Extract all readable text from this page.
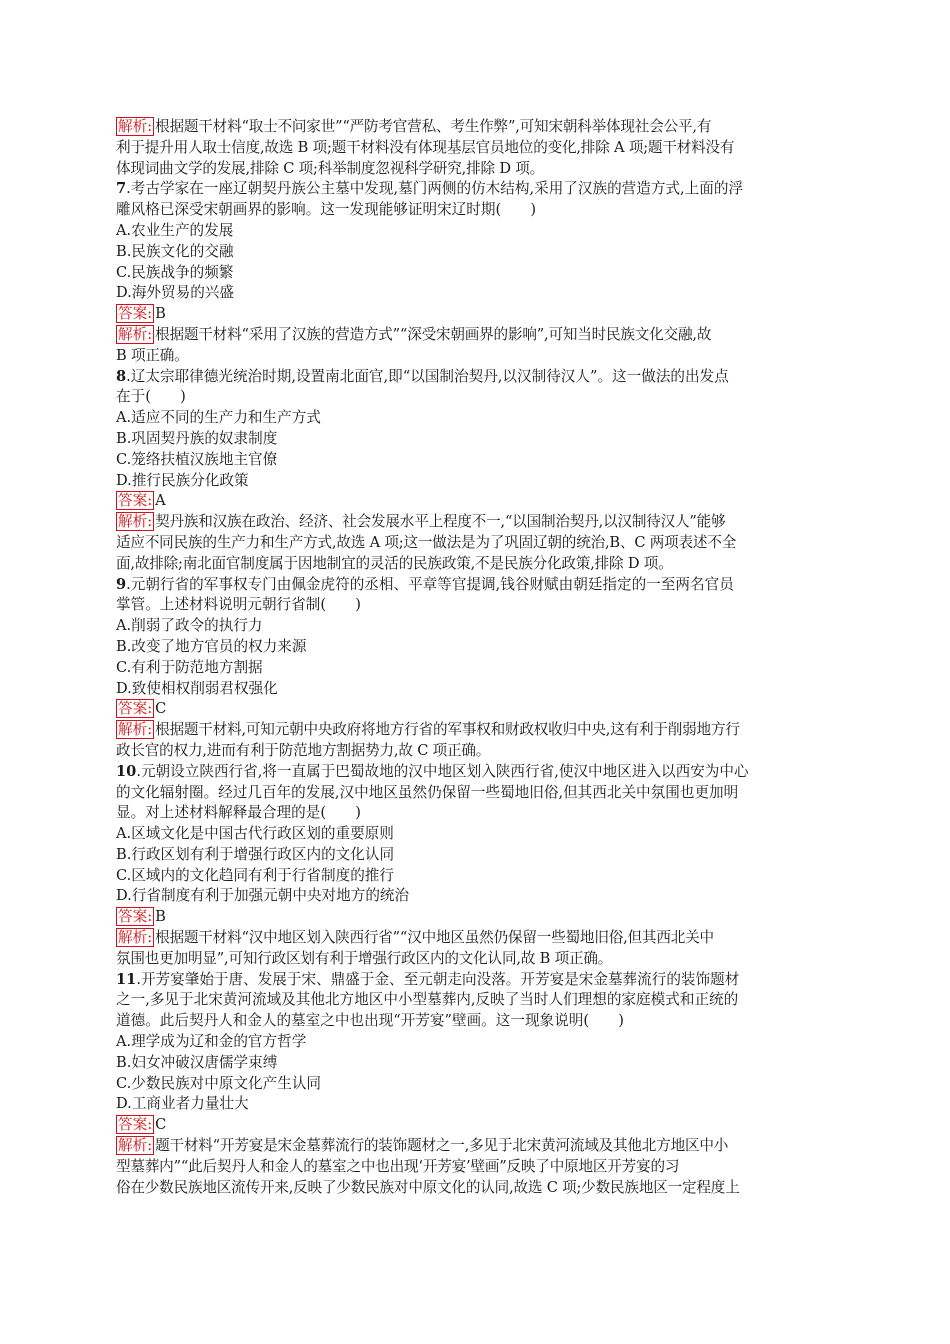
解析: 根据题干材料“取士不问家世”“严防考官营私、考生作弊”,可知宋朝科举体现社会公平,有
利于提升用人取士信度,故选 B 项;题干材料没有体现基层官员地位的变化,排除 A 项;题干材料没有
体现词曲文学的发展,排除 C 项;科举制度忽视科学研究,排除 D 项。
7.考古学家在一座辽朝契丹族公主墓中发现,墓门两侧的仿木结构,采用了汉族的营造方式,上面的浮
雕风格已深受宋朝画界的影响。这一发现能够证明宋辽时期(　　)
A.农业生产的发展
B.民族文化的交融
C.民族战争的频繁
D.海外贸易的兴盛
答案: B
解析: 根据题干材料“采用了汉族的营造方式”“深受宋朝画界的影响”,可知当时民族文化交融,故
B 项正确。
8.辽太宗耶律德光统治时期,设置南北面官,即“以国制治契丹,以汉制待汉人”。这一做法的出发点
在于(　　)
A.适应不同的生产力和生产方式
B.巩固契丹族的奴隶制度
C.笼络扶植汉族地主官僚
D.推行民族分化政策
答案: A
解析: 契丹族和汉族在政治、经济、社会发展水平上程度不一,“以国制治契丹,以汉制待汉人”能够
适应不同民族的生产力和生产方式,故选 A 项;这一做法是为了巩固辽朝的统治,B、C 两项表述不全
面,故排除;南北面官制度属于因地制宜的灵活的民族政策,不是民族分化政策,排除 D 项。
9.元朝行省的军事权专门由佩金虎符的丞相、平章等官提调,钱谷财赋由朝廷指定的一至两名官员
掌管。上述材料说明元朝行省制(　　)
A.削弱了政令的执行力
B.改变了地方官员的权力来源
C.有利于防范地方割据
D.致使相权削弱君权强化
答案: C
解析: 根据题干材料,可知元朝中央政府将地方行省的军事权和财政权收归中央,这有利于削弱地方行
政长官的权力,进而有利于防范地方割据势力,故 C 项正确。
10.元朝设立陕西行省,将一直属于巴蜀故地的汉中地区划入陕西行省,使汉中地区进入以西安为中心
的文化辐射圈。经过几百年的发展,汉中地区虽然仍保留一些蜀地旧俗,但其西北关中氛围也更加明
显。对上述材料解释最合理的是(　　)
A.区域文化是中国古代行政区划的重要原则
B.行政区划有利于增强行政区内的文化认同
C.区域内的文化趋同有利于行省制度的推行
D.行省制度有利于加强元朝中央对地方的统治
答案: B
解析: 根据题干材料“汉中地区划入陕西行省”“汉中地区虽然仍保留一些蜀地旧俗,但其西北关中
氛围也更加明显”,可知行政区划有利于增强行政区内的文化认同,故 B 项正确。
11.开芳宴肇始于唐、发展于宋、鼎盛于金、至元朝走向没落。开芳宴是宋金墓葬流行的装饰题材
之一,多见于北宋黄河流域及其他北方地区中小型墓葬内,反映了当时人们理想的家庭模式和正统的
道德。此后契丹人和金人的墓室之中也出现“开芳宴”壁画。这一现象说明(　　)
A.理学成为辽和金的官方哲学
B.妇女冲破汉唐儒学束缚
C.少数民族对中原文化产生认同
D.工商业者力量壮大
答案: C
解析: 题干材料“开芳宴是宋金墓葬流行的装饰题材之一,多见于北宋黄河流域及其他北方地区中小
型墓葬内”“此后契丹人和金人的墓室之中也出现‘开芳宴’壁画”反映了中原地区开芳宴的习
俗在少数民族地区流传开来,反映了少数民族对中原文化的认同,故选 C 项;少数民族地区一定程度上
